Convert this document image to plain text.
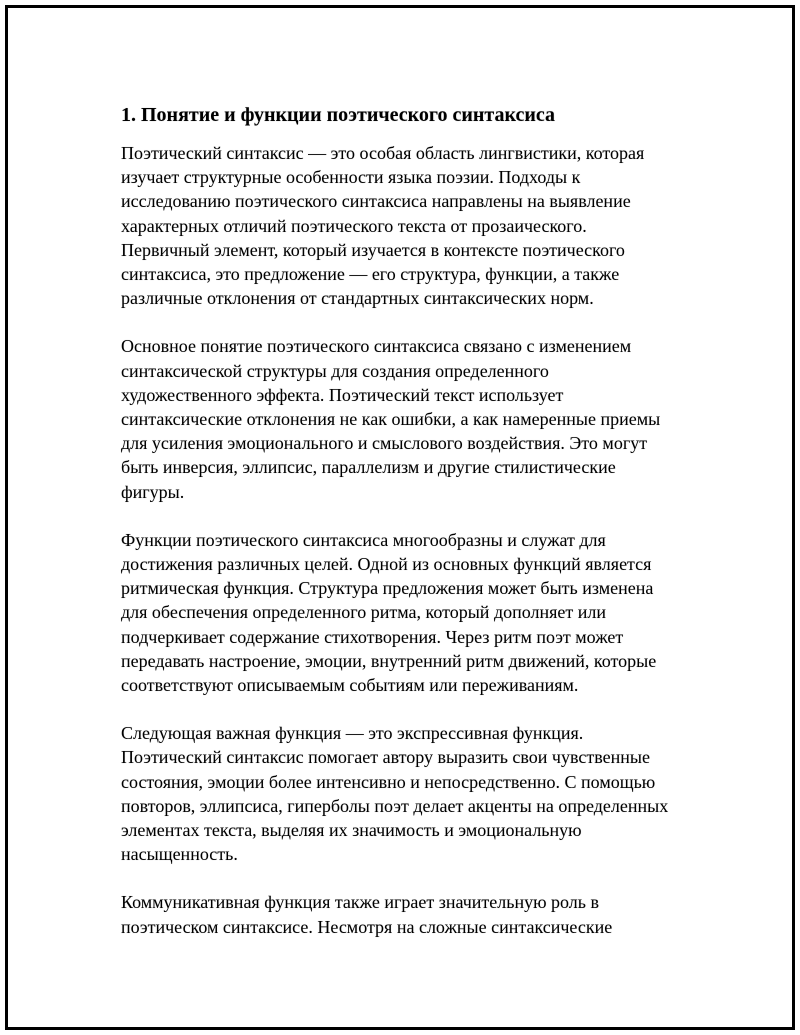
1. Понятие и функции поэтического синтаксиса
Поэтический синтаксис — это особая область лингвистики, которая
изучает структурные особенности языка поэзии. Подходы к
исследованию поэтического синтаксиса направлены на выявление
характерных отличий поэтического текста от прозаического.
Первичный элемент, который изучается в контексте поэтического
синтаксиса, это предложение — его структура, функции, а также
различные отклонения от стандартных синтаксических норм.
Основное понятие поэтического синтаксиса связано с изменением
синтаксической структуры для создания определенного
художественного эффекта. Поэтический текст использует
синтаксические отклонения не как ошибки, а как намеренные приемы
для усиления эмоционального и смыслового воздействия. Это могут
быть инверсия, эллипсис, параллелизм и другие стилистические
фигуры.
Функции поэтического синтаксиса многообразны и служат для
достижения различных целей. Одной из основных функций является
ритмическая функция. Структура предложения может быть изменена
для обеспечения определенного ритма, который дополняет или
подчеркивает содержание стихотворения. Через ритм поэт может
передавать настроение, эмоции, внутренний ритм движений, которые
соответствуют описываемым событиям или переживаниям.
Следующая важная функция — это экспрессивная функция.
Поэтический синтаксис помогает автору выразить свои чувственные
состояния, эмоции более интенсивно и непосредственно. С помощью
повторов, эллипсиса, гиперболы поэт делает акценты на определенных
элементах текста, выделяя их значимость и эмоциональную
насыщенность.
Коммуникативная функция также играет значительную роль в
поэтическом синтаксисе. Несмотря на сложные синтаксические
